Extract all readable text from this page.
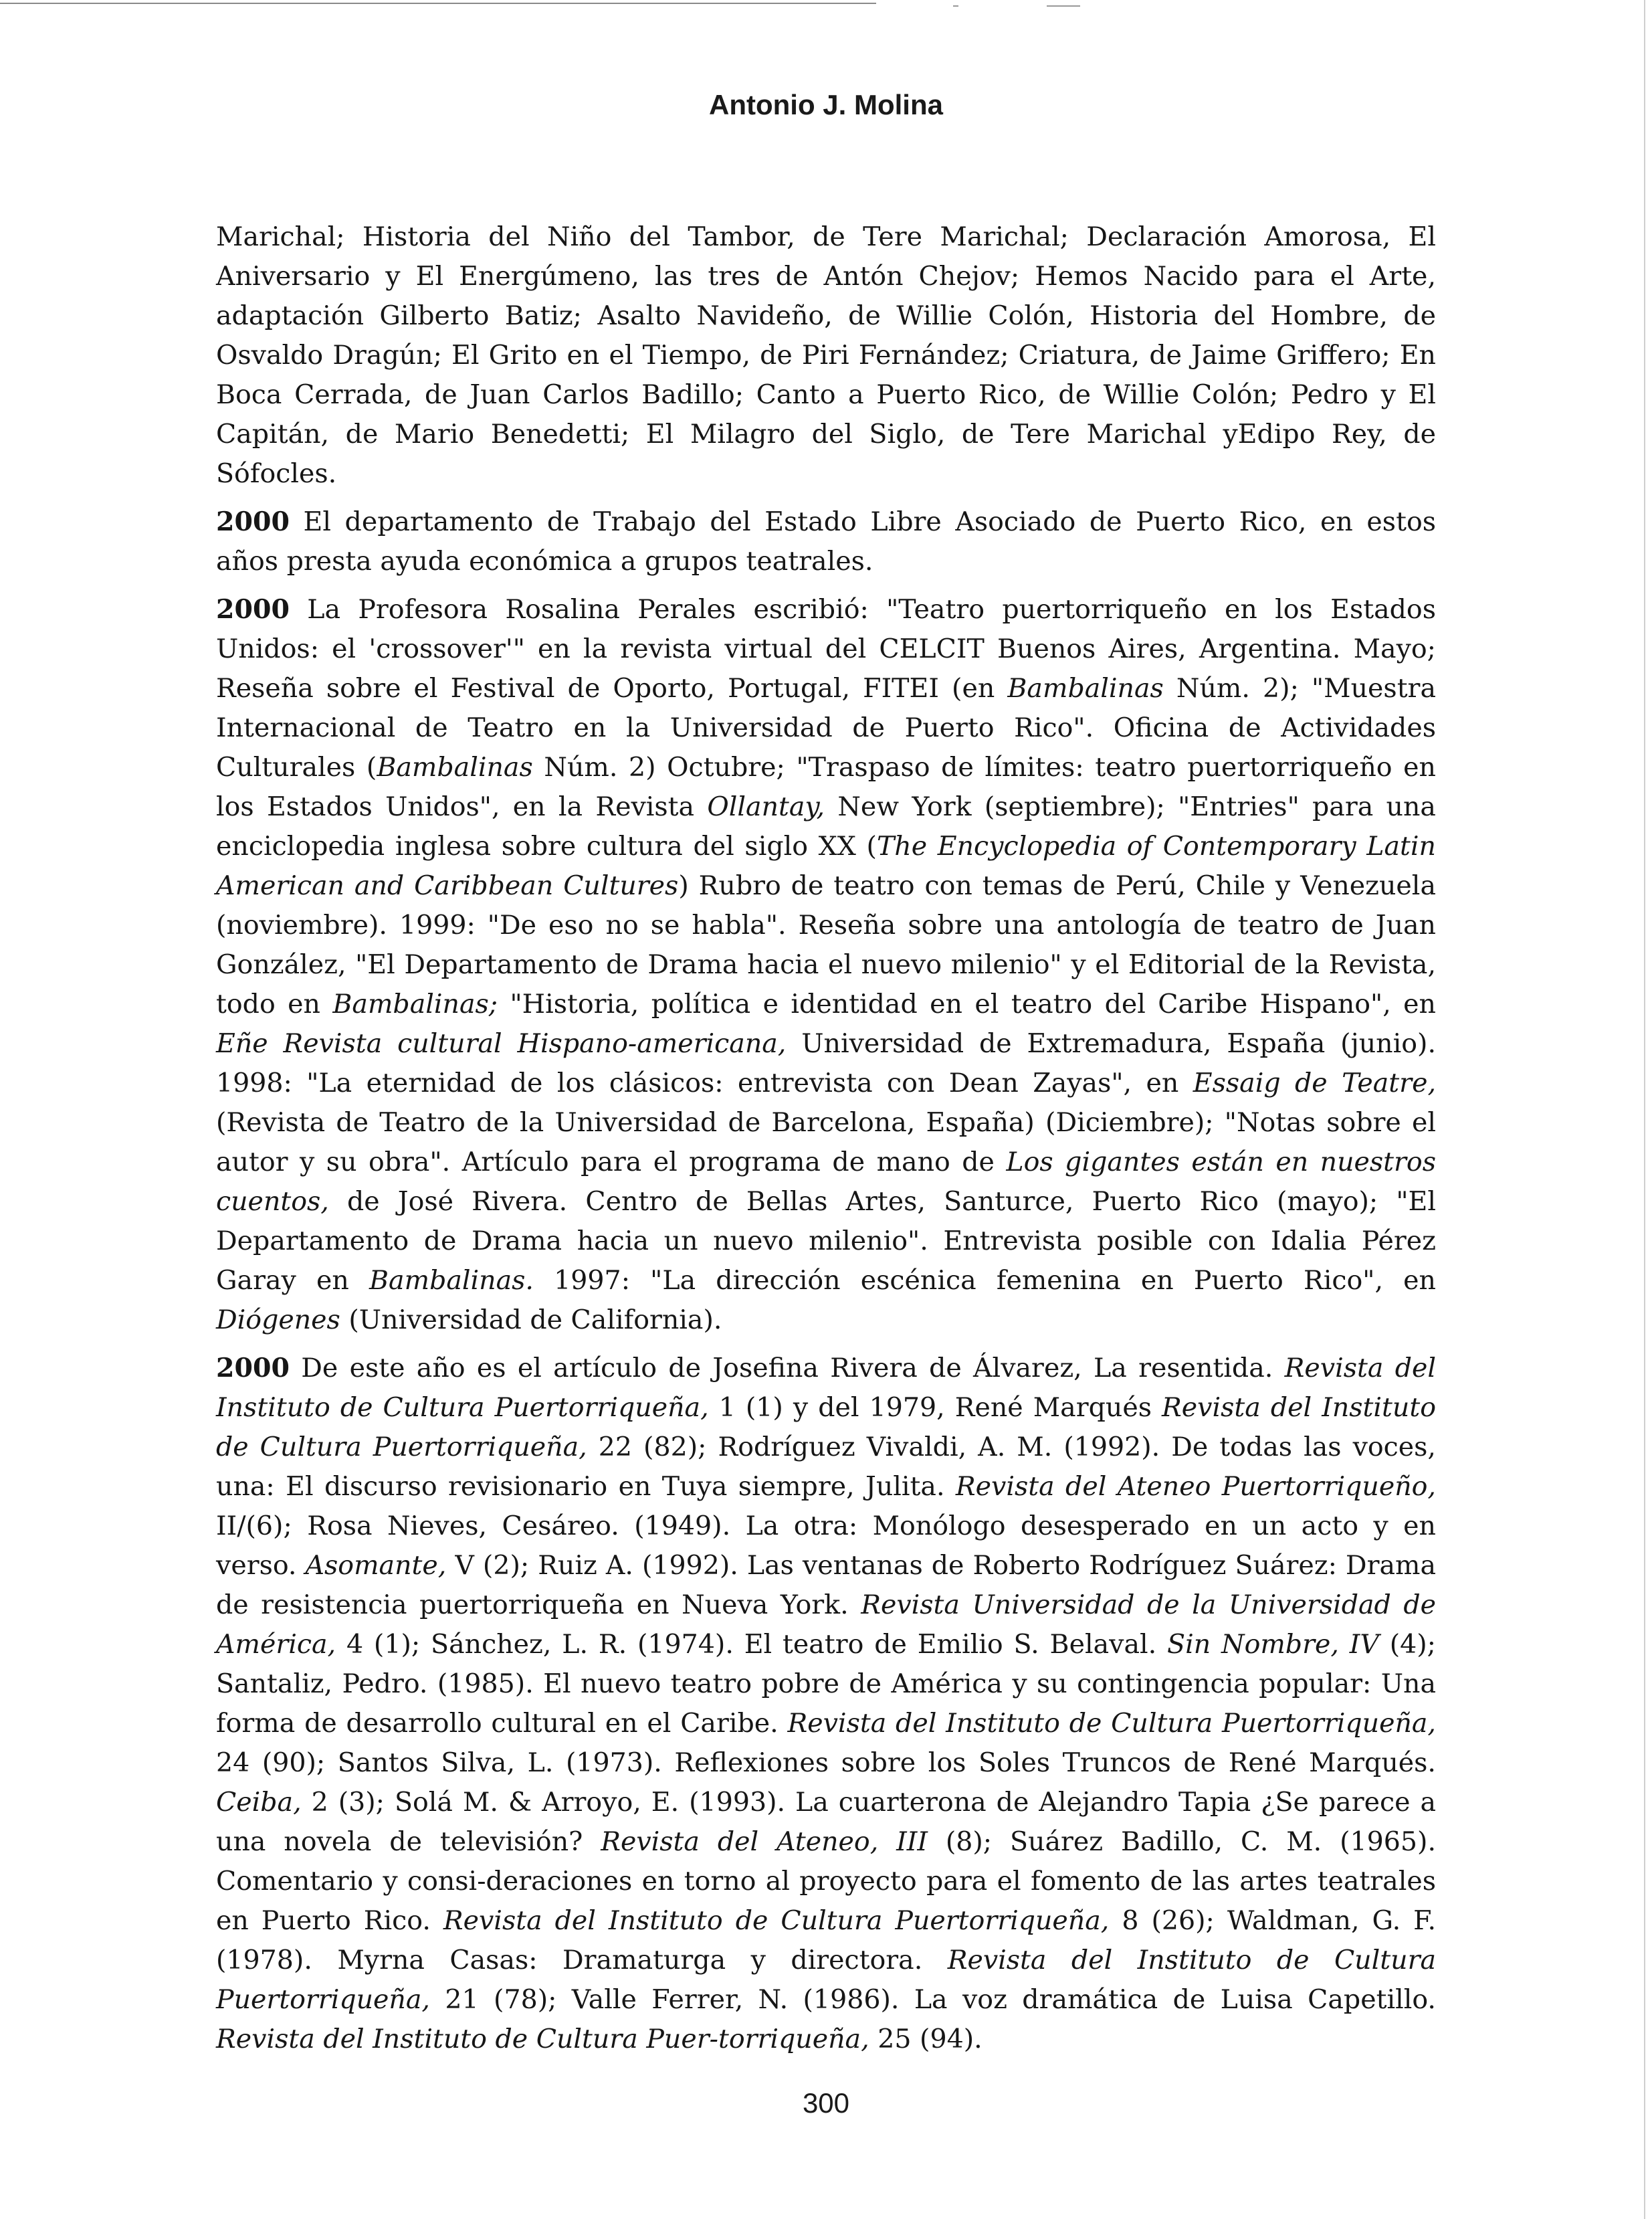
Antonio J. Molina

Marichal; Historia del Niño del Tambor, de Tere Marichal; Declaración Amorosa, El Aniversario y El Energúmeno, las tres de Antón Chejov; Hemos Nacido para el Arte, adaptación Gilberto Batiz; Asalto Navideño, de Willie Colón, Historia del Hombre, de Osvaldo Dragún; El Grito en el Tiempo, de Piri Fernández; Criatura, de Jaime Griffero; En Boca Cerrada, de Juan Carlos Badillo; Canto a Puerto Rico, de Willie Colón; Pedro y El Capitán, de Mario Benedetti; El Milagro del Siglo, de Tere Marichal yEdipo Rey, de Sófocles.

2000 El departamento de Trabajo del Estado Libre Asociado de Puerto Rico, en estos años presta ayuda económica a grupos teatrales.

2000 La Profesora Rosalina Perales escribió: "Teatro puertorriqueño en los Estados Unidos: el 'crossover'" en la revista virtual del CELCIT Buenos Aires, Argentina. Mayo; Reseña sobre el Festival de Oporto, Portugal, FITEI (en Bambalinas Núm. 2); "Muestra Internacional de Teatro en la Universidad de Puerto Rico". Oficina de Actividades Culturales (Bambalinas Núm. 2) Octubre; "Traspaso de límites: teatro puertorriqueño en los Estados Unidos", en la Revista Ollantay, New York (septiembre); "Entries" para una enciclopedia inglesa sobre cultura del siglo XX (The Encyclopedia of Contemporary Latin American and Caribbean Cultures) Rubro de teatro con temas de Perú, Chile y Venezuela (noviembre). 1999: "De eso no se habla". Reseña sobre una antología de teatro de Juan González, "El Departamento de Drama hacia el nuevo milenio" y el Editorial de la Revista, todo en Bambalinas; "Historia, política e identidad en el teatro del Caribe Hispano", en Eñe Revista cultural Hispano-americana, Universidad de Extremadura, España (junio). 1998: "La eternidad de los clásicos: entrevista con Dean Zayas", en Essaig de Teatre, (Revista de Teatro de la Universidad de Barcelona, España) (Diciembre); "Notas sobre el autor y su obra". Artículo para el programa de mano de Los gigantes están en nuestros cuentos, de José Rivera. Centro de Bellas Artes, Santurce, Puerto Rico (mayo); "El Departamento de Drama hacia un nuevo milenio". Entrevista posible con Idalia Pérez Garay en Bambalinas. 1997: "La dirección escénica femenina en Puerto Rico", en Diógenes (Universidad de California).

2000 De este año es el artículo de Josefina Rivera de Álvarez, La resentida. Revista del Instituto de Cultura Puertorriqueña, 1 (1) y del 1979, René Marqués Revista del Instituto de Cultura Puertorriqueña, 22 (82); Rodríguez Vivaldi, A. M. (1992). De todas las voces, una: El discurso revisionario en Tuya siempre, Julita. Revista del Ateneo Puertorriqueño, II/(6); Rosa Nieves, Cesáreo. (1949). La otra: Monólogo desesperado en un acto y en verso. Asomante, V (2); Ruiz A. (1992). Las ventanas de Roberto Rodríguez Suárez: Drama de resistencia puertorriqueña en Nueva York. Revista Universidad de la Universidad de América, 4 (1); Sánchez, L. R. (1974). El teatro de Emilio S. Belaval. Sin Nombre, IV (4); Santaliz, Pedro. (1985). El nuevo teatro pobre de América y su contingencia popular: Una forma de desarrollo cultural en el Caribe. Revista del Instituto de Cultura Puertorriqueña, 24 (90); Santos Silva, L. (1973). Reflexiones sobre los Soles Truncos de René Marqués. Ceiba, 2 (3); Solá M. & Arroyo, E. (1993). La cuarterona de Alejandro Tapia ¿Se parece a una novela de televisión? Revista del Ateneo, III (8); Suárez Badillo, C. M. (1965). Comentario y consi-deraciones en torno al proyecto para el fomento de las artes teatrales en Puerto Rico. Revista del Instituto de Cultura Puertorriqueña, 8 (26); Waldman, G. F. (1978). Myrna Casas: Dramaturga y directora. Revista del Instituto de Cultura Puertorriqueña, 21 (78); Valle Ferrer, N. (1986). La voz dramática de Luisa Capetillo. Revista del Instituto de Cultura Puer-torriqueña, 25 (94).

300
